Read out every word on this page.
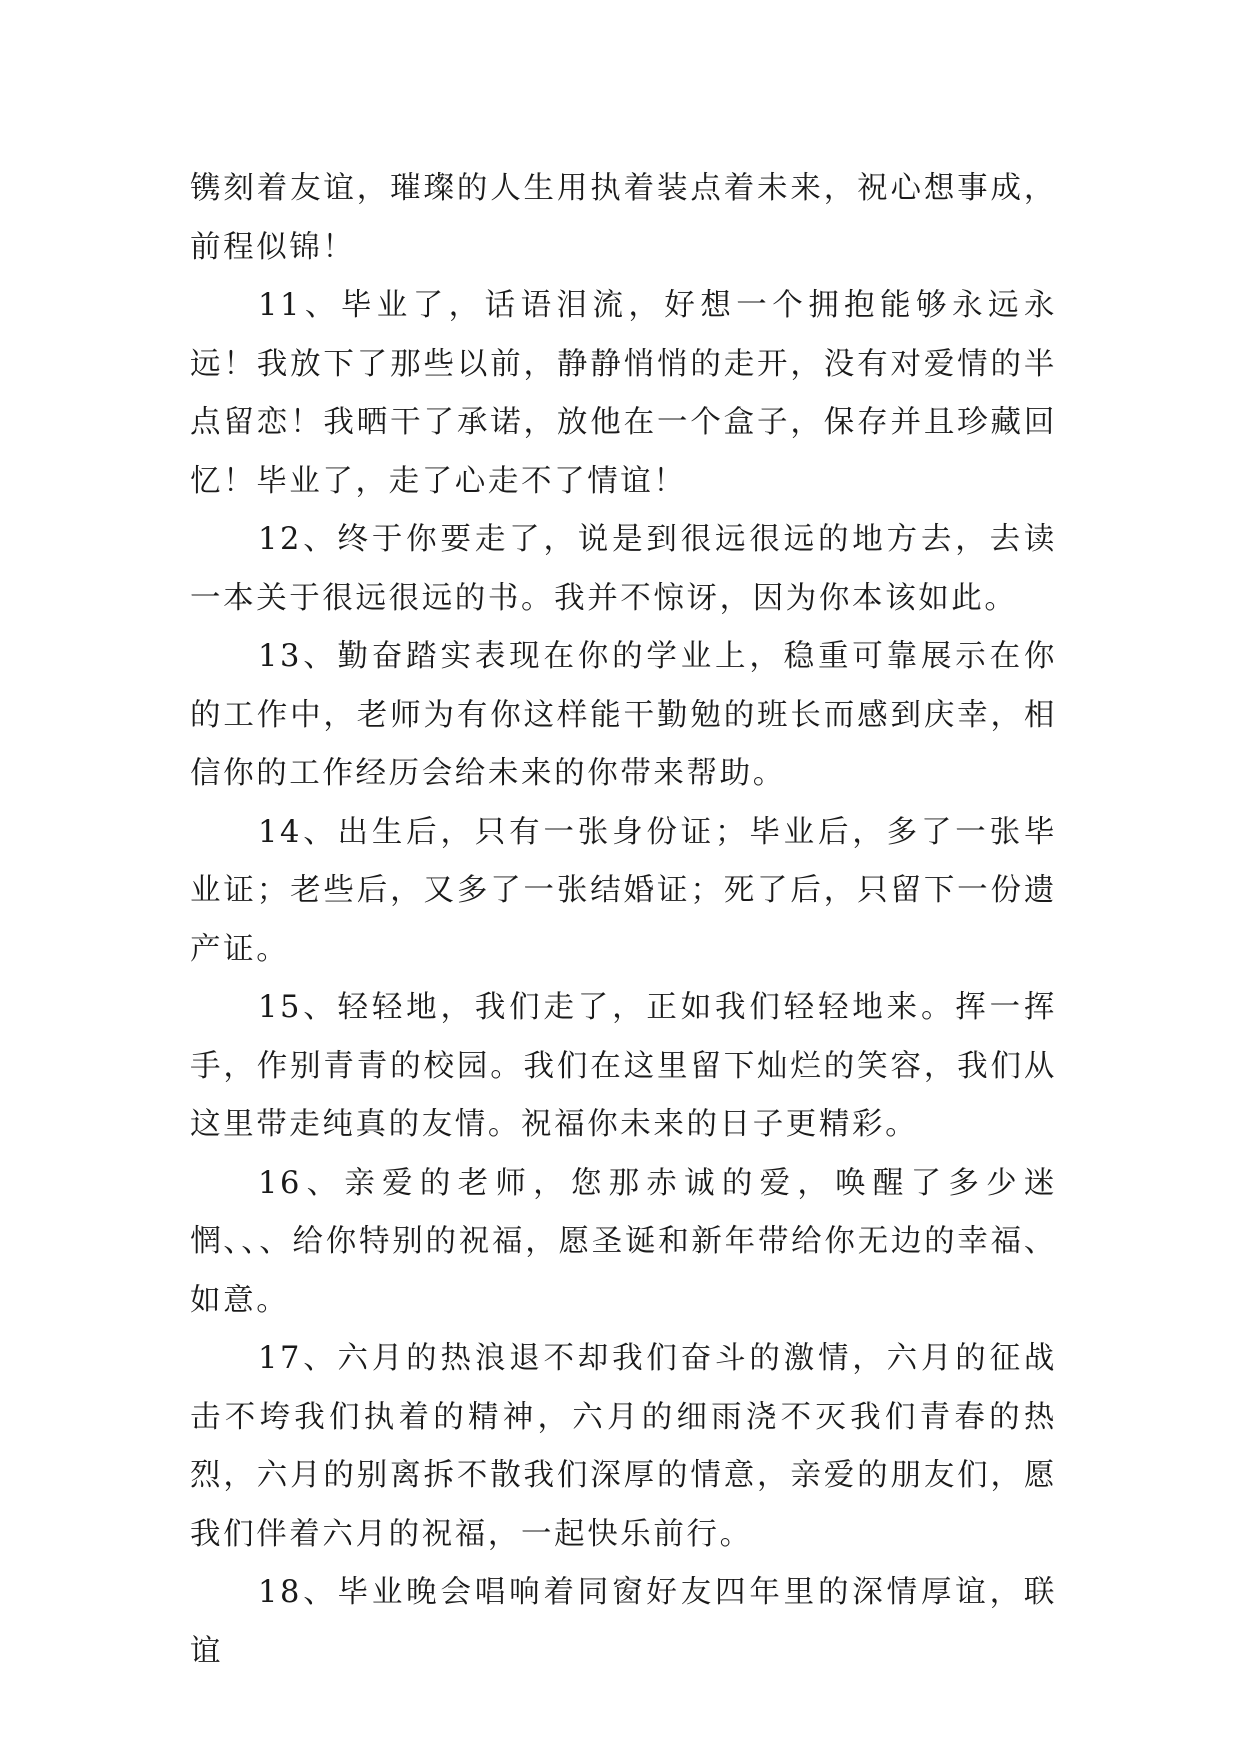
镌刻着友谊，璀璨的人生用执着装点着未来，祝心想事成，前程似锦！

11、毕业了，话语泪流，好想一个拥抱能够永远永远！我放下了那些以前，静静悄悄的走开，没有对爱情的半点留恋！我晒干了承诺，放他在一个盒子，保存并且珍藏回忆！毕业了，走了心走不了情谊！

12、终于你要走了，说是到很远很远的地方去，去读一本关于很远很远的书。我并不惊讶，因为你本该如此。

13、勤奋踏实表现在你的学业上，稳重可靠展示在你的工作中，老师为有你这样能干勤勉的班长而感到庆幸，相信你的工作经历会给未来的你带来帮助。

14、出生后，只有一张身份证；毕业后，多了一张毕业证；老些后，又多了一张结婚证；死了后，只留下一份遗产证。

15、轻轻地，我们走了，正如我们轻轻地来。挥一挥手，作别青青的校园。我们在这里留下灿烂的笑容，我们从这里带走纯真的友情。祝福你未来的日子更精彩。

16、亲爱的老师，您那赤诚的爱，唤醒了多少迷惘、、、给你特别的祝福，愿圣诞和新年带给你无边的幸福、如意。

17、六月的热浪退不却我们奋斗的激情，六月的征战击不垮我们执着的精神，六月的细雨浇不灭我们青春的热烈，六月的别离拆不散我们深厚的情意，亲爱的朋友们，愿我们伴着六月的祝福，一起快乐前行。

18、毕业晚会唱响着同窗好友四年里的深情厚谊，联谊
